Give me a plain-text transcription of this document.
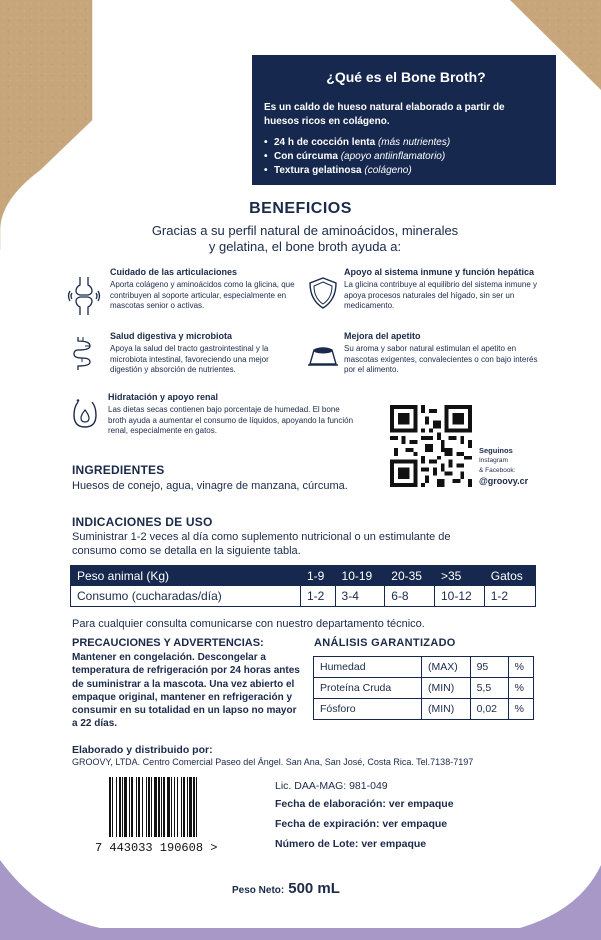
¿Qué es el Bone Broth?
Es un caldo de hueso natural elaborado a partir de huesos ricos en colágeno.
• 24 h de cocción lenta (más nutrientes)
• Con cúrcuma (apoyo antiinflamatorio)
• Textura gelatinosa (colágeno)
BENEFICIOS
Gracias a su perfil natural de aminoácidos, minerales y gelatina, el bone broth ayuda a:
Cuidado de las articulaciones

Aporta colágeno y aminoácidos como la glicina, que contribuyen al soporte articular, especialmente en mascotas senior o activas.

Apoyo al sistema inmune y función hepática

La glicina contribuye al equilibrio del sistema inmune y apoya procesos naturales del hígado, sin ser un medicamento.

Salud digestiva y microbiota

Apoya la salud del tracto gastrointestinal y la microbiota intestinal, favoreciendo una mejor digestión y absorción de nutrientes.

Mejora del apetito

Su aroma y sabor natural estimulan el apetito en mascotas exigentes, convalecientes o con bajo interés por el alimento.

Hidratación y apoyo renal

Las dietas secas contienen bajo porcentaje de humedad. El bone broth ayuda a aumentar el consumo de líquidos, apoyando la función renal, especialmente en gatos.

Seguinos
Instagram
& Facebook:
@groovy.cr
INGREDIENTES
Huesos de conejo, agua, vinagre de manzana, cúrcuma.
INDICACIONES DE USO
Suministrar 1-2 veces al día como suplemento nutricional o un estimulante de consumo como se detalla en la siguiente tabla.
Peso animal (Kg)	1-9	10-19	20-35	>35	Gatos
Consumo (cucharadas/día)	1-2	3-4	6-8	10-12	1-2
Para cualquier consulta comunicarse con nuestro departamento técnico.
PRECAUCIONES Y ADVERTENCIAS:
Mantener en congelación. Descongelar a temperatura de refrigeración por 24 horas antes de suministrar a la mascota. Una vez abierto el empaque original, mantener en refrigeración y consumir en su totalidad en un lapso no mayor a 22 días.
ANÁLISIS GARANTIZADO
Humedad	(MAX)	95	%
Proteína Cruda	(MIN)	5,5	%
Fósforo	(MIN)	0,02	%
Elaborado y distribuido por:
GROOVY, LTDA. Centro Comercial Paseo del Ángel. San Ana, San José, Costa Rica. Tel.7138-7197
7 443033 190608 >
Lic. DAA-MAG: 981-049
Fecha de elaboración: ver empaque
Fecha de expiración: ver empaque
Número de Lote: ver empaque
Peso Neto: 500 mL
